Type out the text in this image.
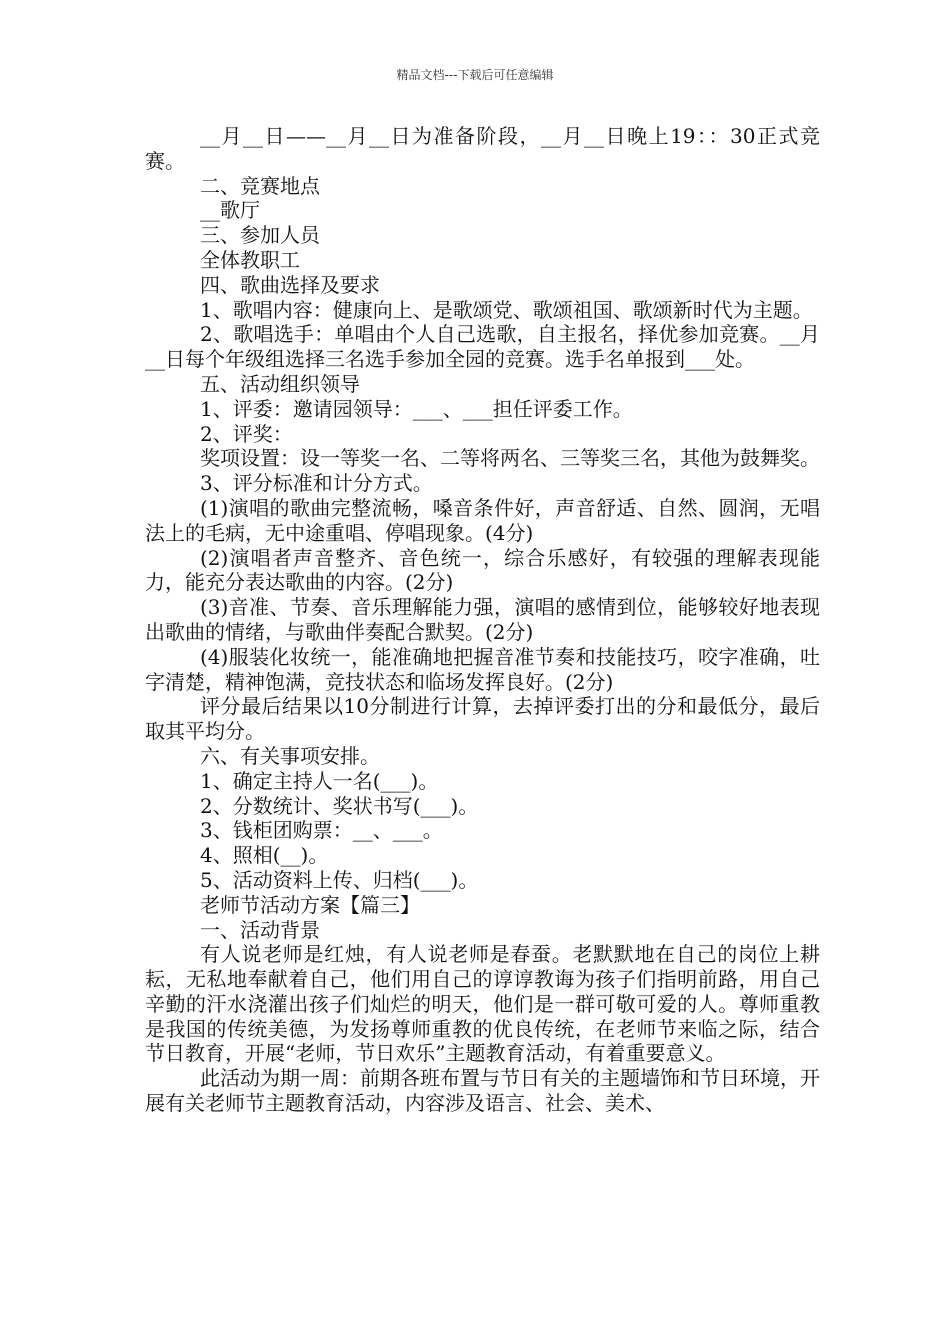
精品文档---下载后可任意编辑

__月__日——__月__日为准备阶段，__月__日晚上19：：30正式竞赛。

二、竞赛地点

__歌厅

三、参加人员

全体教职工

四、歌曲选择及要求

1、歌唱内容：健康向上、是歌颂党、歌颂祖国、歌颂新时代为主题。

2、歌唱选手：单唱由个人自己选歌，自主报名，择优参加竞赛。__月__日每个年级组选择三名选手参加全园的竞赛。选手名单报到___处。

五、活动组织领导

1、评委：邀请园领导：___、___担任评委工作。

2、评奖：

奖项设置：设一等奖一名、二等将两名、三等奖三名，其他为鼓舞奖。

3、评分标准和计分方式。

(1)演唱的歌曲完整流畅，嗓音条件好，声音舒适、自然、圆润，无唱法上的毛病，无中途重唱、停唱现象。(4分)

(2)演唱者声音整齐、音色统一，综合乐感好，有较强的理解表现能力，能充分表达歌曲的内容。(2分)

(3)音准、节奏、音乐理解能力强，演唱的感情到位，能够较好地表现出歌曲的情绪，与歌曲伴奏配合默契。(2分)

(4)服装化妆统一，能准确地把握音准节奏和技能技巧，咬字准确，吐字清楚，精神饱满，竞技状态和临场发挥良好。(2分)

评分最后结果以10分制进行计算，去掉评委打出的分和最低分，最后取其平均分。

六、有关事项安排。

1、确定主持人一名(___)。

2、分数统计、奖状书写(___)。

3、钱柜团购票：__、___。

4、照相(__)。

5、活动资料上传、归档(___)。

老师节活动方案【篇三】

一、活动背景

有人说老师是红烛，有人说老师是春蚕。老默默地在自己的岗位上耕耘，无私地奉献着自己，他们用自己的谆谆教诲为孩子们指明前路，用自己辛勤的汗水浇灌出孩子们灿烂的明天，他们是一群可敬可爱的人。尊师重教是我国的传统美德，为发扬尊师重教的优良传统，在老师节来临之际，结合节日教育，开展“老师，节日欢乐”主题教育活动，有着重要意义。

此活动为期一周：前期各班布置与节日有关的主题墙饰和节日环境，开展有关老师节主题教育活动，内容涉及语言、社会、美术、
